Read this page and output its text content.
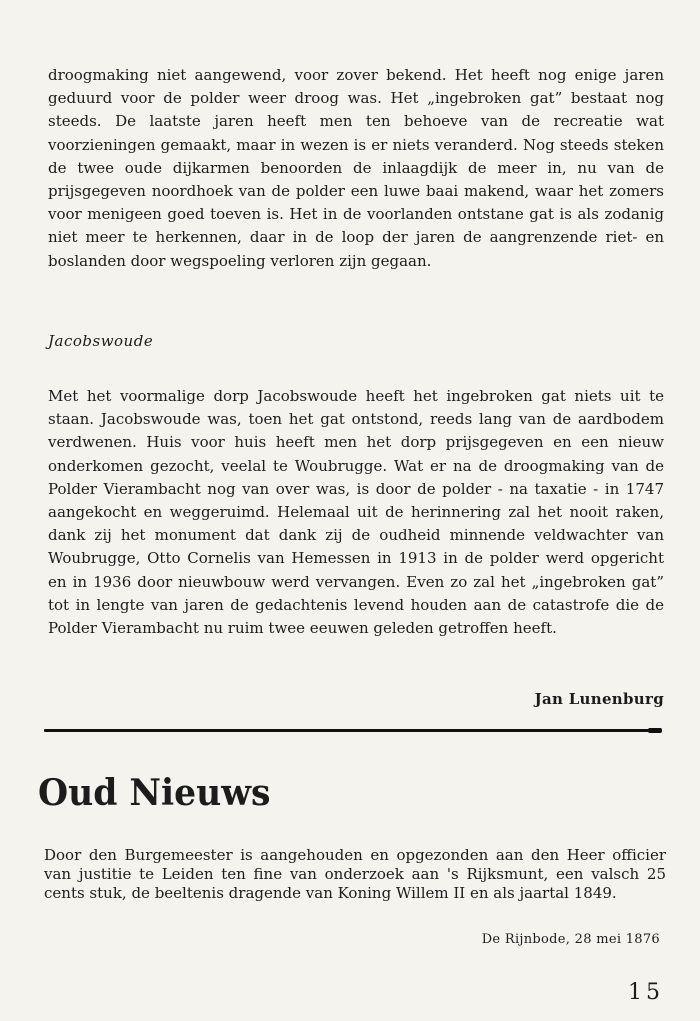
droogmaking niet aangewend, voor zover bekend. Het heeft nog enige jaren geduurd voor de polder weer droog was. Het „ingebroken gat” bestaat nog steeds. De laatste jaren heeft men ten behoeve van de recreatie wat voorzieningen gemaakt, maar in wezen is er niets veranderd. Nog steeds steken de twee oude dijkarmen benoorden de inlaagdijk de meer in, nu van de prijsgegeven noordhoek van de polder een luwe baai makend, waar het zomers voor menigeen goed toeven is. Het in de voorlanden ontstane gat is als zodanig niet meer te herkennen, daar in de loop der jaren de aangrenzende riet- en boslanden door wegspoeling verloren zijn gegaan.

Jacobswoude

Met het voormalige dorp Jacobswoude heeft het ingebroken gat niets uit te staan. Jacobswoude was, toen het gat ontstond, reeds lang van de aardbodem verdwenen. Huis voor huis heeft men het dorp prijsgegeven en een nieuw onderkomen gezocht, veelal te Woubrugge. Wat er na de droogmaking van de Polder Vierambacht nog van over was, is door de polder - na taxatie - in 1747 aangekocht en weggeruimd. Helemaal uit de herinnering zal het nooit raken, dank zij het monument dat dank zij de oudheid minnende veldwachter van Woubrugge, Otto Cornelis van Hemessen in 1913 in de polder werd opgericht en in 1936 door nieuwbouw werd vervangen. Even zo zal het „ingebroken gat” tot in lengte van jaren de gedachtenis levend houden aan de catastrofe die de Polder Vierambacht nu ruim twee eeuwen geleden getroffen heeft.

Jan Lunenburg
Oud Nieuws

Door den Burgemeester is aangehouden en opgezonden aan den Heer officier van justitie te Leiden ten fine van onderzoek aan 's Rijksmunt, een valsch 25 cents stuk, de beeltenis dragende van Koning Willem II en als jaartal 1849.

De Rijnbode, 28 mei 1876
15
